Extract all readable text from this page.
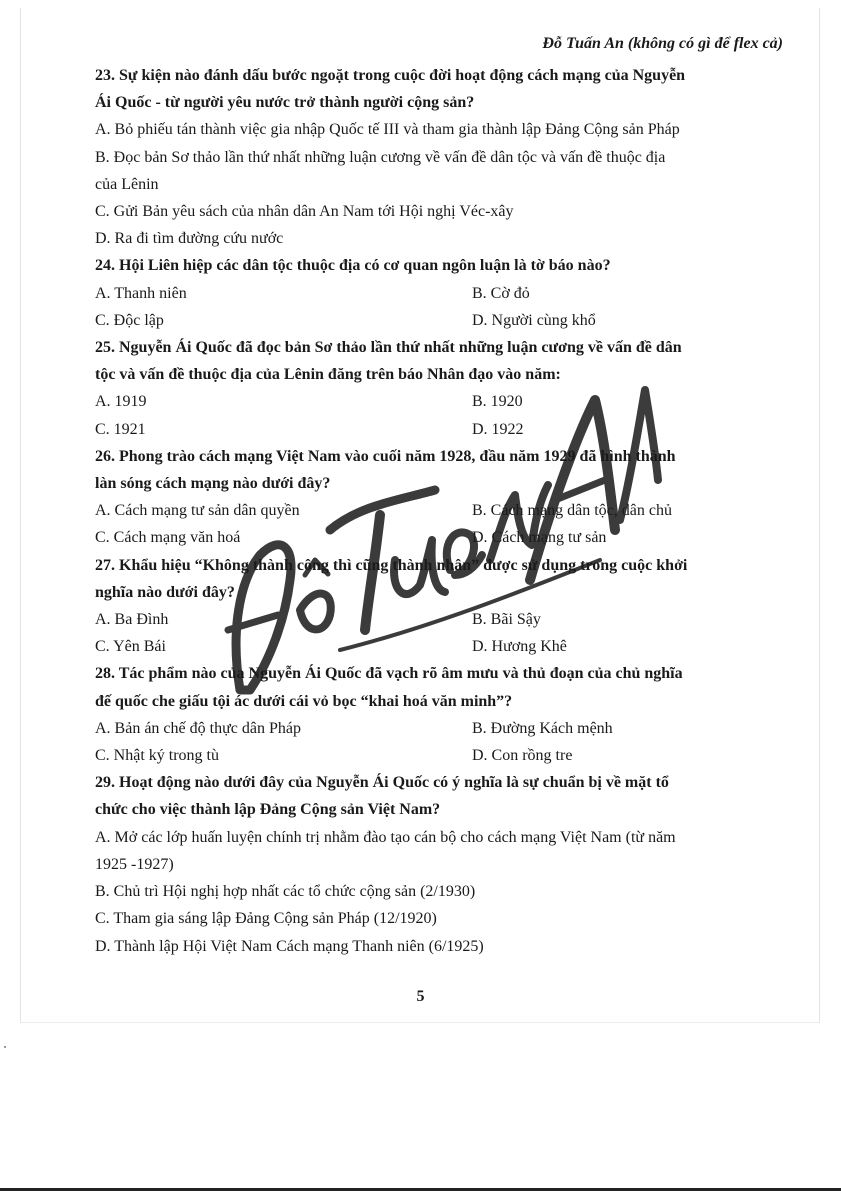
Đỗ Tuấn An (không có gì để flex cả)

23. Sự kiện nào đánh dấu bước ngoặt trong cuộc đời hoạt động cách mạng của Nguyễn

Ái Quốc - từ người yêu nước trở thành người cộng sản?

A. Bỏ phiếu tán thành việc gia nhập Quốc tế III và tham gia thành lập Đảng Cộng sản Pháp

B. Đọc bản Sơ thảo lần thứ nhất những luận cương về vấn đề dân tộc và vấn đề thuộc địa

của Lênin

C. Gửi Bản yêu sách của nhân dân An Nam tới Hội nghị Véc-xây

D. Ra đi tìm đường cứu nước

24. Hội Liên hiệp các dân tộc thuộc địa có cơ quan ngôn luận là tờ báo nào?

A. Thanh niên	B. Cờ đỏ
C. Độc lập	D. Người cùng khổ

25. Nguyễn Ái Quốc đã đọc bản Sơ thảo lần thứ nhất những luận cương về vấn đề dân

tộc và vấn đề thuộc địa của Lênin đăng trên báo Nhân đạo vào năm:

A. 1919	B. 1920
C. 1921	D. 1922

26. Phong trào cách mạng Việt Nam vào cuối năm 1928, đầu năm 1929 đã hình thành

làn sóng cách mạng nào dưới đây?

A. Cách mạng tư sản dân quyền	B. Cách mạng dân tộc, dân chủ
C. Cách mạng văn hoá	D. Cách mạng tư sản

27. Khẩu hiệu “Không thành công thì cũng thành nhân” được sử dụng trong cuộc khởi

nghĩa nào dưới đây?

A. Ba Đình	B. Bãi Sậy
C. Yên Bái	D. Hương Khê

28. Tác phẩm nào của Nguyễn Ái Quốc đã vạch rõ âm mưu và thủ đoạn của chủ nghĩa

đế quốc che giấu tội ác dưới cái vỏ bọc “khai hoá văn minh”?

A. Bản án chế độ thực dân Pháp	B. Đường Kách mệnh
C. Nhật ký trong tù	D. Con rồng tre

29. Hoạt động nào dưới đây của Nguyễn Ái Quốc có ý nghĩa là sự chuẩn bị về mặt tổ

chức cho việc thành lập Đảng Cộng sản Việt Nam?

A. Mở các lớp huấn luyện chính trị nhằm đào tạo cán bộ cho cách mạng Việt Nam (từ năm

1925 -1927)

B. Chủ trì Hội nghị hợp nhất các tổ chức cộng sản (2/1930)

C. Tham gia sáng lập Đảng Cộng sản Pháp (12/1920)

D. Thành lập Hội Việt Nam Cách mạng Thanh niên (6/1925)

5
